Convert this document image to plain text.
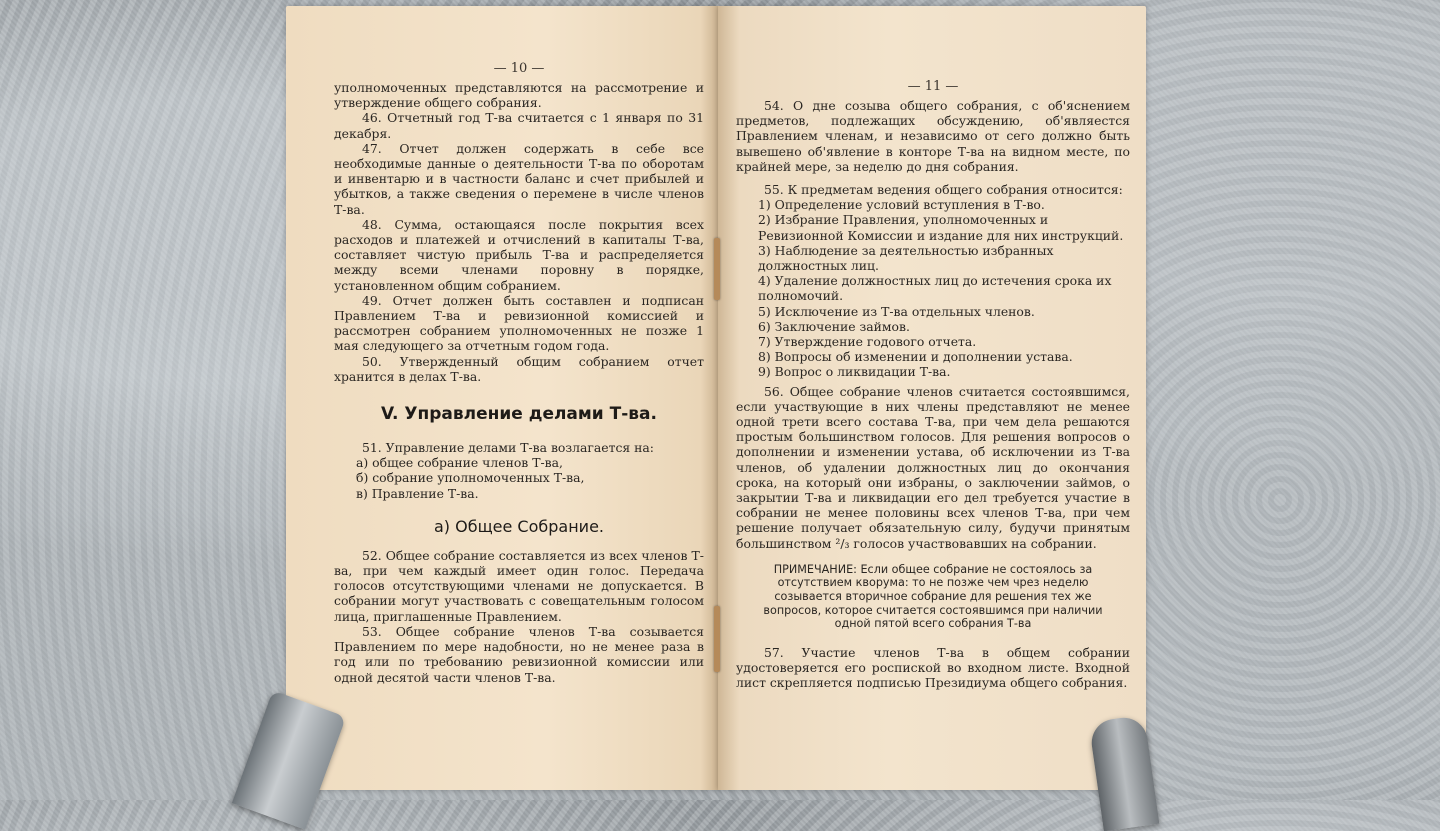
— 10 —

уполномоченных представляются на рассмотрение и утверждение общего собрания.

46. Отчетный год Т-ва считается с 1 января по 31 декабря.

47. Отчет должен содержать в себе все необходимые данные о деятельности Т-ва по оборотам и инвентарю и в частности баланс и счет прибылей и убытков, а также сведения о перемене в числе членов Т-ва.

48. Сумма, остающаяся после покрытия всех расходов и платежей и отчислений в капиталы Т-ва, составляет чистую прибыль Т-ва и распределяется между всеми членами поровну в порядке, установленном общим собранием.

49. Отчет должен быть составлен и подписан Правлением Т-ва и ревизионной комиссией и рассмотрен собранием уполномоченных не позже 1 мая следующего за отчетным годом года.

50. Утвержденный общим собранием отчет хранится в делах Т-ва.

V. Управление делами Т-ва.

51. Управление делами Т-ва возлагается на:

а) общее собрание членов Т-ва,
б) собрание уполномоченных Т-ва,
в) Правление Т-ва.
а) Общее Собрание.

52. Общее собрание составляется из всех членов Т-ва, при чем каждый имеет один голос. Передача голосов отсутствующими членами не допускается. В собрании могут участвовать с совещательным голосом лица, приглашенные Правлением.

53. Общее собрание членов Т-ва созывается Правлением по мере надобности, но не менее раза в год или по требованию ревизионной комиссии или одной десятой части членов Т-ва.

— 11 —

54. О дне созыва общего собрания, с об'яснением предметов, подлежащих обсуждению, об'являестся Правлением членам, и независимо от сего должно быть вывешено об'явление в конторе Т-ва на видном месте, по крайней мере, за неделю до дня собрания.

55. К предметам ведения общего собрания относится:

1) Определение условий вступления в Т-во.
2) Избрание Правления, уполномоченных и Ревизионной Комиссии и издание для них инструкций.
3) Наблюдение за деятельностью избранных должностных лиц.
4) Удаление должностных лиц до истечения срока их полномочий.
5) Исключение из Т-ва отдельных членов.
6) Заключение займов.
7) Утверждение годового отчета.
8) Вопросы об изменении и дополнении устава.
9) Вопрос о ликвидации Т-ва.

56. Общее собрание членов считается состоявшимся, если участвующие в них члены представляют не менее одной трети всего состава Т-ва, при чем дела решаются простым большинством голосов. Для решения вопросов о дополнении и изменении устава, об исключении из Т-ва членов, об удалении должностных лиц до окончания срока, на который они избраны, о заключении займов, о закрытии Т-ва и ликвидации его дел требуется участие в собрании не менее половины всех членов Т-ва, при чем решение получает обязательную силу, будучи принятым большинством ²/₃ голосов участвовавших на собрании.

ПРИМЕЧАНИЕ: Если общее собрание не состоялось за отсутствием кворума: то не позже чем чрез неделю созывается вторичное собрание для решения тех же вопросов, которое считается состоявшимся при наличии одной пятой всего собрания Т-ва

57. Участие членов Т-ва в общем собрании удостоверяется его роспиской во входном листе. Входной лист скрепляется подписью Президиума общего собрания.
